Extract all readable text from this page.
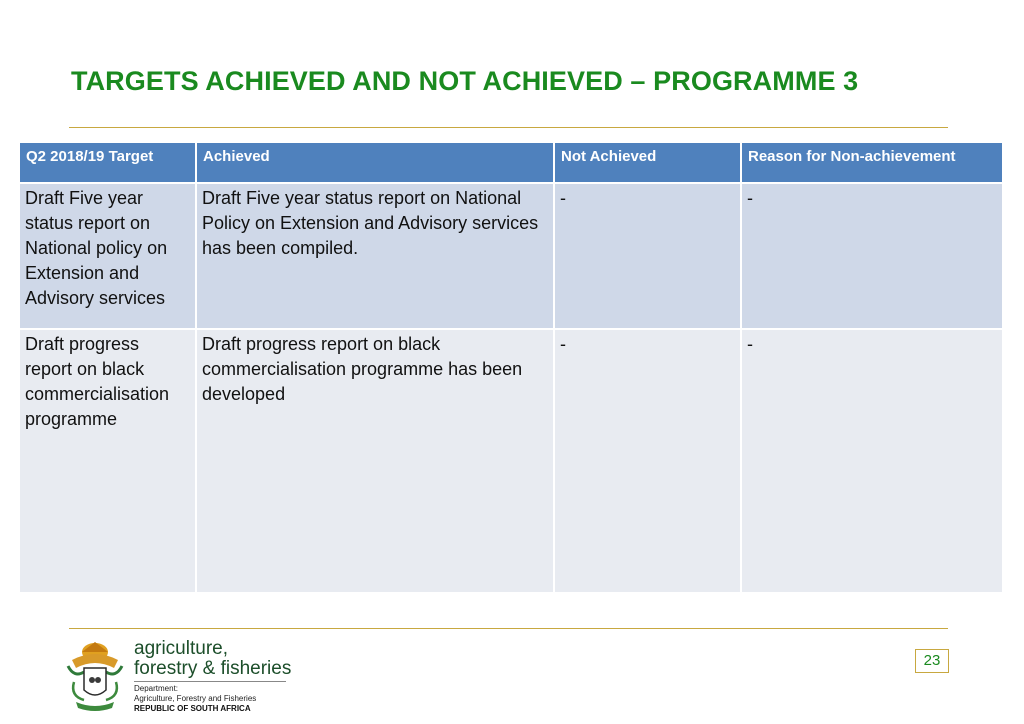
TARGETS ACHIEVED AND NOT ACHIEVED – PROGRAMME 3
Q2 2018/19 Target	Achieved	Not Achieved	Reason for Non-achievement
Draft Five year status report on National policy on Extension and Advisory services	Draft Five year status report on National Policy on Extension and Advisory services has been compiled.	-	-
Draft progress report on black commercialisation programme	Draft progress report on black commercialisation programme has been developed	-	-
agriculture,
forestry & fisheries
Department:
Agriculture, Forestry and Fisheries
REPUBLIC OF SOUTH AFRICA
23
